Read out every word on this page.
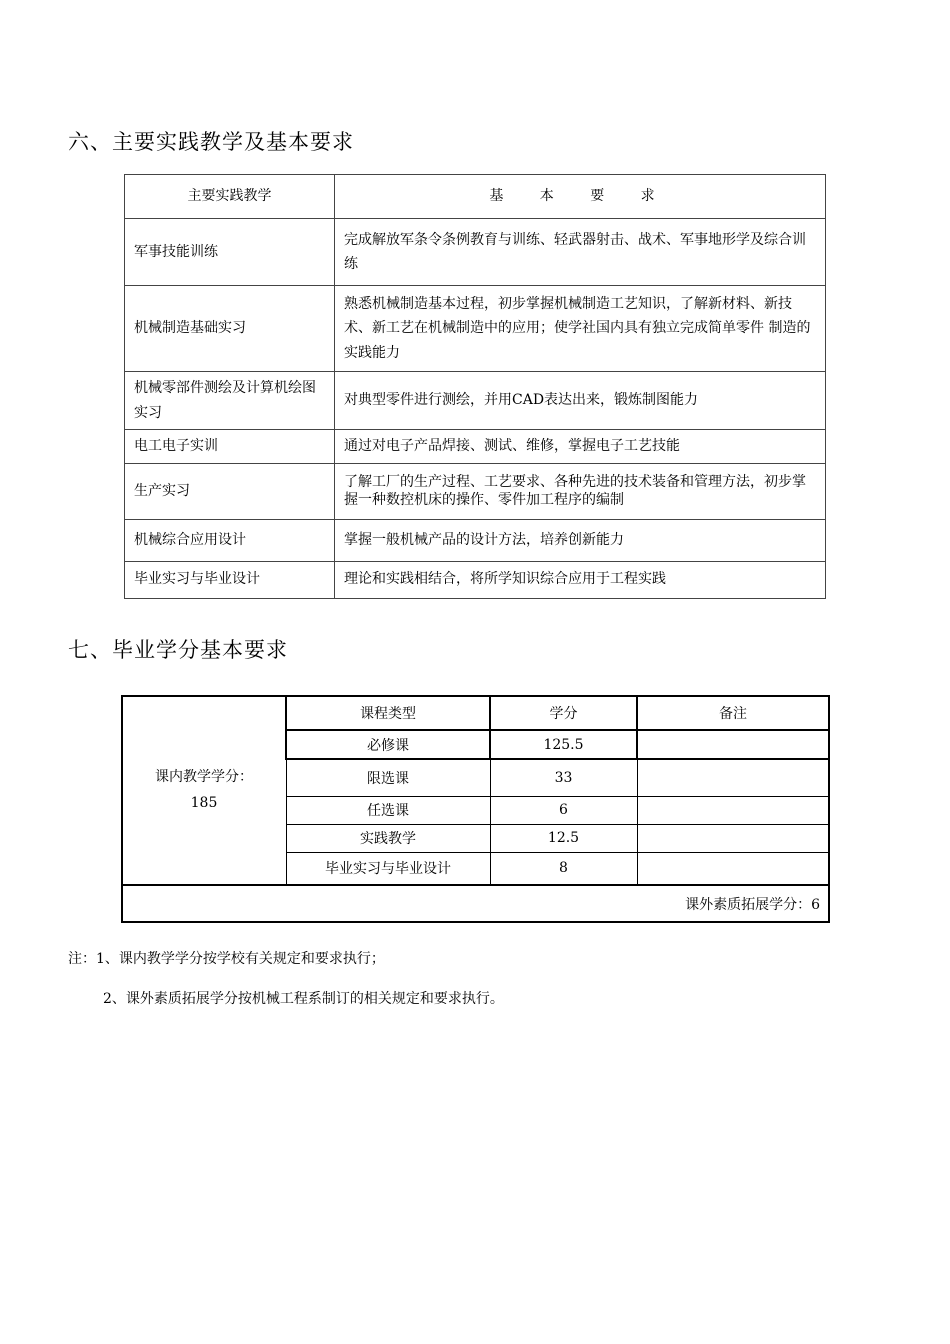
六、主要实践教学及基本要求
主要实践教学	基 本 要 求
军事技能训练	完成解放军条令条例教育与训练、轻武器射击、战术、军事地形学及综合训练
机械制造基础实习	熟悉机械制造基本过程，初步掌握机械制造工艺知识，了解新材料、新技术、新工艺在机械制造中的应用；使学社国内具有独立完成简单零件 制造的实践能力
机械零部件测绘及计算机绘图实习	对典型零件进行测绘，并用CAD表达出来，锻炼制图能力
电工电子实训	通过对电子产品焊接、测试、维修，掌握电子工艺技能
生产实习	了解工厂的生产过程、工艺要求、各种先进的技术装备和管理方法，初步掌握一种数控机床的操作、零件加工程序的编制
机械综合应用设计	掌握一般机械产品的设计方法，培养创新能力
毕业实习与毕业设计	理论和实践相结合，将所学知识综合应用于工程实践
七、毕业学分基本要求
课内教学学分：
185	课程类型	学分	备注
	必修课	125.5	
	限选课	33	
	任选课	6	
	实践教学	12.5	
	毕业实习与毕业设计	8	
课外素质拓展学分：6			

注：1、课内教学学分按学校有关规定和要求执行；

2、课外素质拓展学分按机械工程系制订的相关规定和要求执行。
